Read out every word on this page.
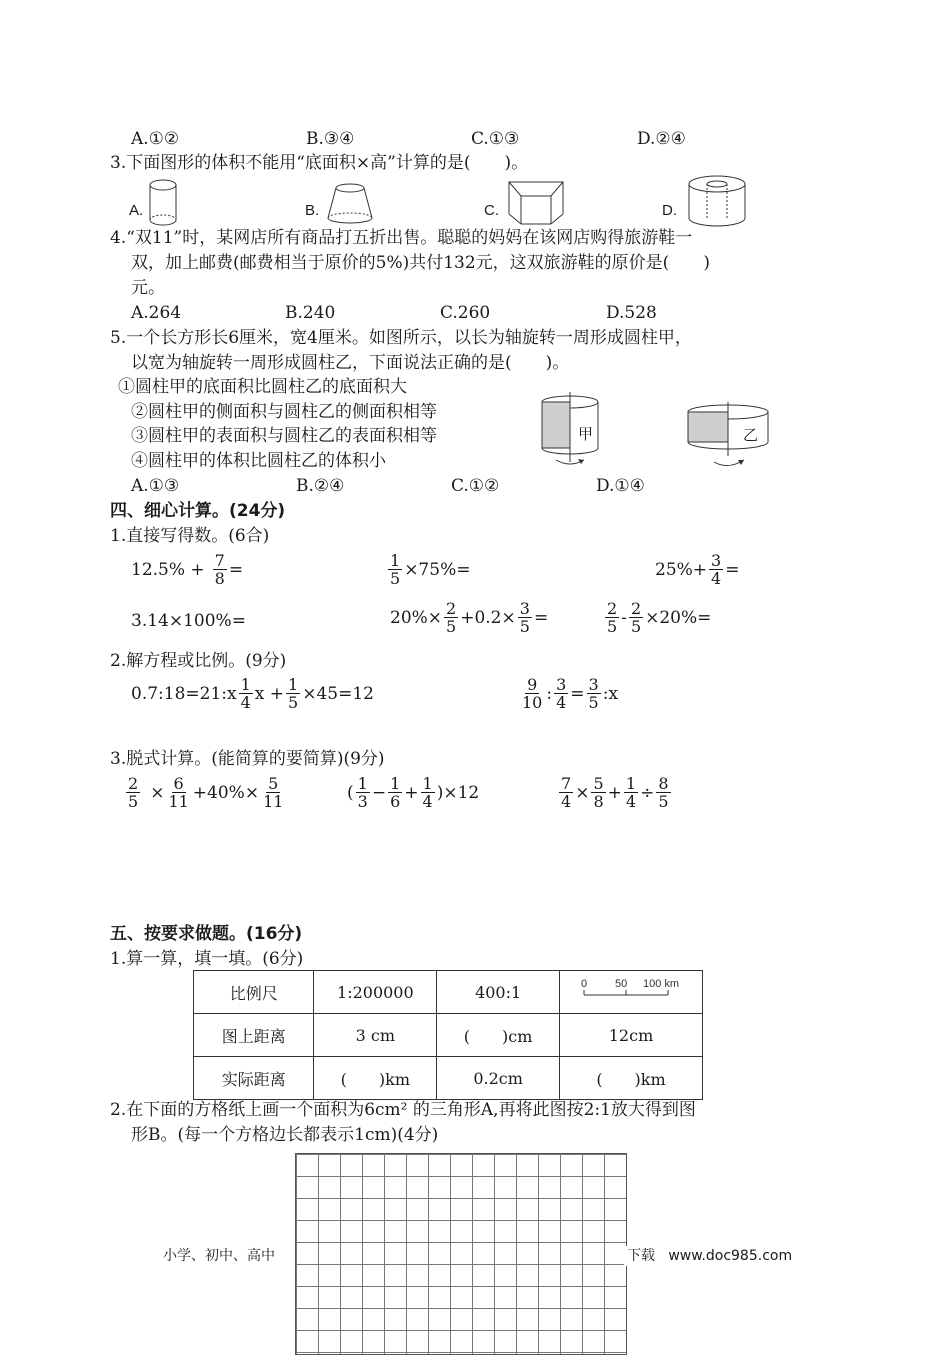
A.①②	B.③④	C.①③	D.②④
3.下面图形的体积不能用“底面积×高”计算的是(　　)。
A.	B.	C.	D.
4.“双11”时，某网店所有商品打五折出售。聪聪的妈妈在该网店购得旅游鞋一
双，加上邮费(邮费相当于原价的5%)共付132元，这双旅游鞋的原价是(　　)
元。
A.264	B.240	C.260	D.528
5.一个长方形长6厘米，宽4厘米。如图所示，以长为轴旋转一周形成圆柱甲，
以宽为轴旋转一周形成圆柱乙，下面说法正确的是(　　)。
①圆柱甲的底面积比圆柱乙的底面积大
②圆柱甲的侧面积与圆柱乙的侧面积相等
③圆柱甲的表面积与圆柱乙的表面积相等
④圆柱甲的体积比圆柱乙的体积小
甲	乙
A.①③	B.②④	C.①②	D.①④
四、细心计算。(24分)
1.直接写得数。(6合)
$12.5\% + \frac{7}{8}$ =	$\frac{1}{5} \times 75\%=$	$25\%+ \frac{3}{4}$ =
3.14×100%=	$20\%\times \frac{2}{5} +0.2\times \frac{3}{5}$ =	$\frac{2}{5} - \frac{2}{5} \times 20\%=$
2.解方程或比例。(9分)
0.7:18=21:x $\frac{1}{4}$ $x + \frac{1}{5} \times 45=12$	$\frac{9}{10}$ : $\frac{3}{4} = \frac{3}{5}$ :x
3.脱式计算。(能简算的要简算)(9分)
$\frac{2}{5} \times \frac{6}{11} +40\%\times \frac{5}{11}$	( $\frac{1}{3} - \frac{1}{6} + \frac{1}{4} )\times 12$	$\frac{7}{4} \times \frac{5}{8} + \frac{1}{4} \div \frac{8}{5}$
五、按要求做题。(16分)
1.算一算，填一填。(6分)
比例尺	1:200000	400:1	0 50 100 km

图上距离	3 cm	(　　)cm	12cm
实际距离	(　　)km	0.2cm	(　　)km
2.在下面的方格纸上画一个面积为6cm² 的三角形A,再将此图按2:1放大得到图
形B。(每一个方格边长都表示1cm)(4分)
小学、初中、高中	下载 www.doc985.com
